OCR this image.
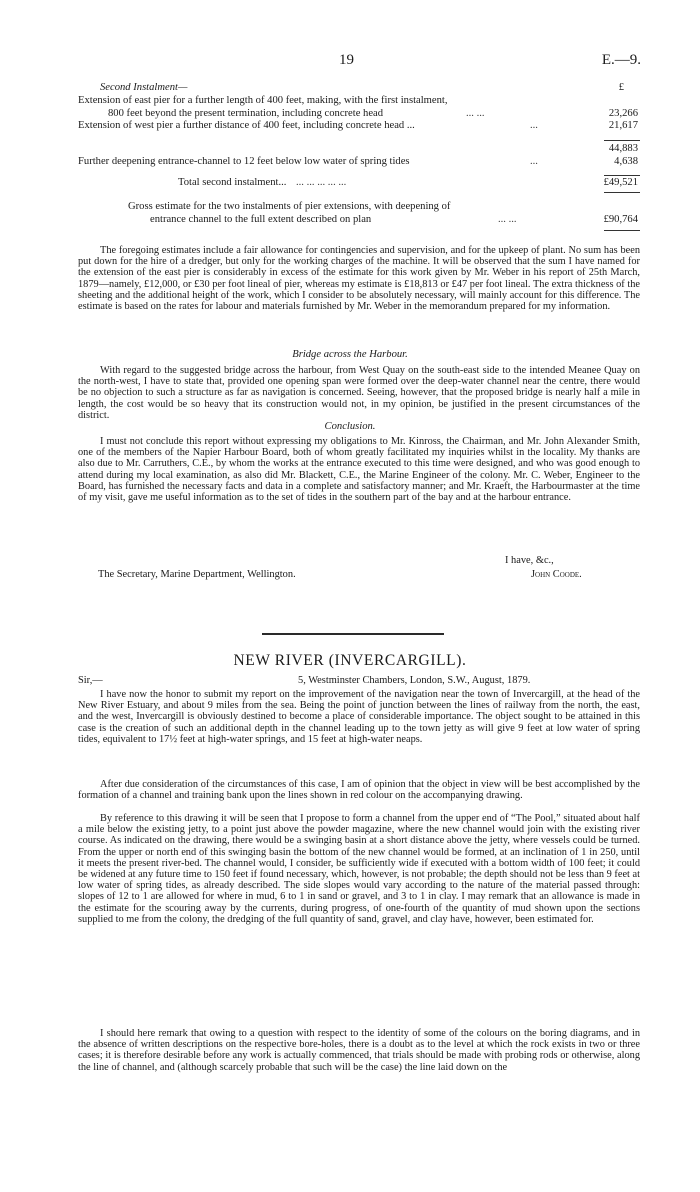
19	E.—9.
Second Instalment—	£
Extension of east pier for a further length of 400 feet, making, with the first instalment,
800 feet beyond the present termination, including concrete head	... ...	23,266
Extension of west pier a further distance of 400 feet, including concrete head ...	...	21,617
44,883
Further deepening entrance-channel to 12 feet below low water of spring tides	...	4,638
Total second instalment... ... ... ... ... ...	£49,521
Gross estimate for the two instalments of pier extensions, with deepening of
entrance channel to the full extent described on plan	... ...	£90,764
The foregoing estimates include a fair allowance for contingencies and supervision, and for the upkeep of plant. No sum has been put down for the hire of a dredger, but only for the working charges of the machine. It will be observed that the sum I have named for the extension of the east pier is considerably in excess of the estimate for this work given by Mr. Weber in his report of 25th March, 1879—namely, £12,000, or £30 per foot lineal of pier, whereas my estimate is £18,813 or £47 per foot lineal. The extra thickness of the sheeting and the additional height of the work, which I consider to be absolutely necessary, will mainly account for this difference. The estimate is based on the rates for labour and materials furnished by Mr. Weber in the memorandum prepared for my information.
Bridge across the Harbour.
With regard to the suggested bridge across the harbour, from West Quay on the south-east side to the intended Meanee Quay on the north-west, I have to state that, provided one opening span were formed over the deep-water channel near the centre, there would be no objection to such a structure as far as navigation is concerned. Seeing, however, that the proposed bridge is nearly half a mile in length, the cost would be so heavy that its construction would not, in my opinion, be justified in the present circumstances of the district.
Conclusion.
I must not conclude this report without expressing my obligations to Mr. Kinross, the Chairman, and Mr. John Alexander Smith, one of the members of the Napier Harbour Board, both of whom greatly facilitated my inquiries whilst in the locality. My thanks are also due to Mr. Carruthers, C.E., by whom the works at the entrance executed to this time were designed, and who was good enough to attend during my local examination, as also did Mr. Blackett, C.E., the Marine Engineer of the colony. Mr. C. Weber, Engineer to the Board, has furnished the necessary facts and data in a complete and satisfactory manner; and Mr. Kraeft, the Harbourmaster at the time of my visit, gave me useful information as to the set of tides in the southern part of the bay and at the harbour entrance.
I have, &c.,
The Secretary, Marine Department, Wellington.	John Coode.
NEW RIVER (INVERCARGILL).
Sir,—	5, Westminster Chambers, London, S.W., August, 1879.
I have now the honor to submit my report on the improvement of the navigation near the town of Invercargill, at the head of the New River Estuary, and about 9 miles from the sea. Being the point of junction between the lines of railway from the north, the east, and the west, Invercargill is obviously destined to become a place of considerable importance. The object sought to be attained in this case is the creation of such an additional depth in the channel leading up to the town jetty as will give 9 feet at low water of spring tides, equivalent to 17½ feet at high-water springs, and 15 feet at high-water neaps.
After due consideration of the circumstances of this case, I am of opinion that the object in view will be best accomplished by the formation of a channel and training bank upon the lines shown in red colour on the accompanying drawing.
By reference to this drawing it will be seen that I propose to form a channel from the upper end of “The Pool,” situated about half a mile below the existing jetty, to a point just above the powder magazine, where the new channel would join with the existing river course. As indicated on the drawing, there would be a swinging basin at a short distance above the jetty, where vessels could be turned. From the upper or north end of this swinging basin the bottom of the new channel would be formed, at an inclination of 1 in 250, until it meets the present river-bed. The channel would, I consider, be sufficiently wide if executed with a bottom width of 100 feet; it could be widened at any future time to 150 feet if found necessary, which, however, is not probable; the depth should not be less than 9 feet at low water of spring tides, as already described. The side slopes would vary according to the nature of the material passed through: slopes of 12 to 1 are allowed for where in mud, 6 to 1 in sand or gravel, and 3 to 1 in clay. I may remark that an allowance is made in the estimate for the scouring away by the currents, during progress, of one-fourth of the quantity of mud shown upon the sections supplied to me from the colony, the dredging of the full quantity of sand, gravel, and clay have, however, been estimated for.
I should here remark that owing to a question with respect to the identity of some of the colours on the boring diagrams, and in the absence of written descriptions on the respective bore-holes, there is a doubt as to the level at which the rock exists in two or three cases; it is therefore desirable before any work is actually commenced, that trials should be made with probing rods or otherwise, along the line of channel, and (although scarcely probable that such will be the case) the line laid down on the
